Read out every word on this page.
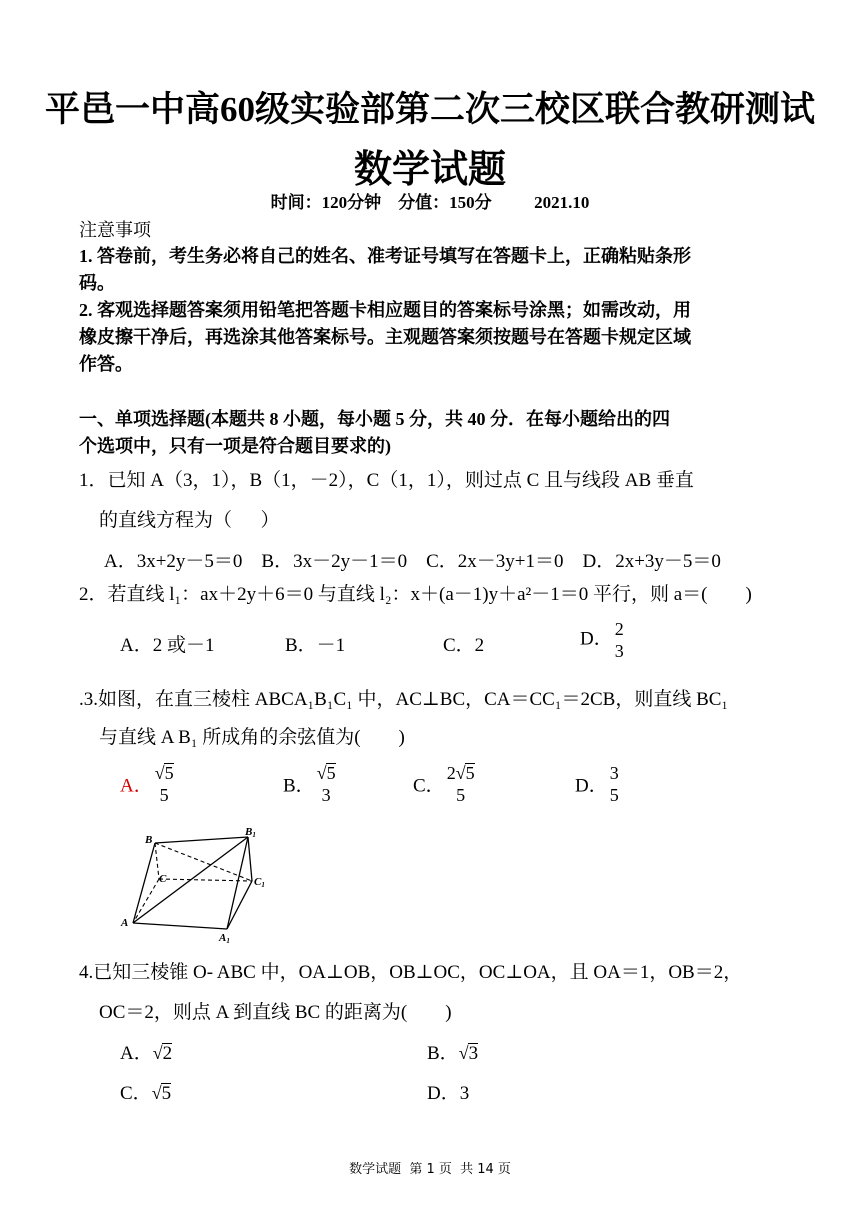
平邑一中高60级实验部第二次三校区联合教研测试
数学试题
时间：120分钟    分值：150分          2021.10
注意事项
1. 答卷前，考生务必将自己的姓名、准考证号填写在答题卡上，正确粘贴条形
码。
2. 客观选择题答案须用铅笔把答题卡相应题目的答案标号涂黑；如需改动，用
橡皮擦干净后，再选涂其他答案标号。主观题答案须按题号在答题卡规定区域
作答。
一、单项选择题(本题共 8 小题，每小题 5 分，共 40 分．在每小题给出的四
个选项中，只有一项是符合题目要求的)
1．已知 A（3，1），B（1，－2），C（1，1），则过点 C 且与线段 AB 垂直
的直线方程为（      ）
A．3x+2y－5＝0    B．3x－2y－1＝0    C．2x－3y+1＝0    D．2x+3y－5＝0
2．若直线 l₁：ax＋2y＋6＝0 与直线 l₂：x＋(a－1)y＋a²－1＝0 平行，则 a＝(        )
A．2 或－1	B．－1	C．2	D． 2
3
.3.如图，在直三棱柱 ABCA₁B₁C₁ 中，AC⊥BC，CA＝CC₁＝2CB，则直线 BC₁
与直线 A B₁ 所成角的余弦值为(        )
A．
√5
5	B．
√5
3	C．
2√5
5	D．
3
5
B
B1
C	C1
A
A1
4.已知三棱锥 O- ABC 中，OA⊥OB，OB⊥OC，OC⊥OA，且 OA＝1，OB＝2，
OC＝2，则点 A 到直线 BC 的距离为(        )
A．√2	B．√3
C．√5	D．3
数学试题  第 1 页  共 14 页
